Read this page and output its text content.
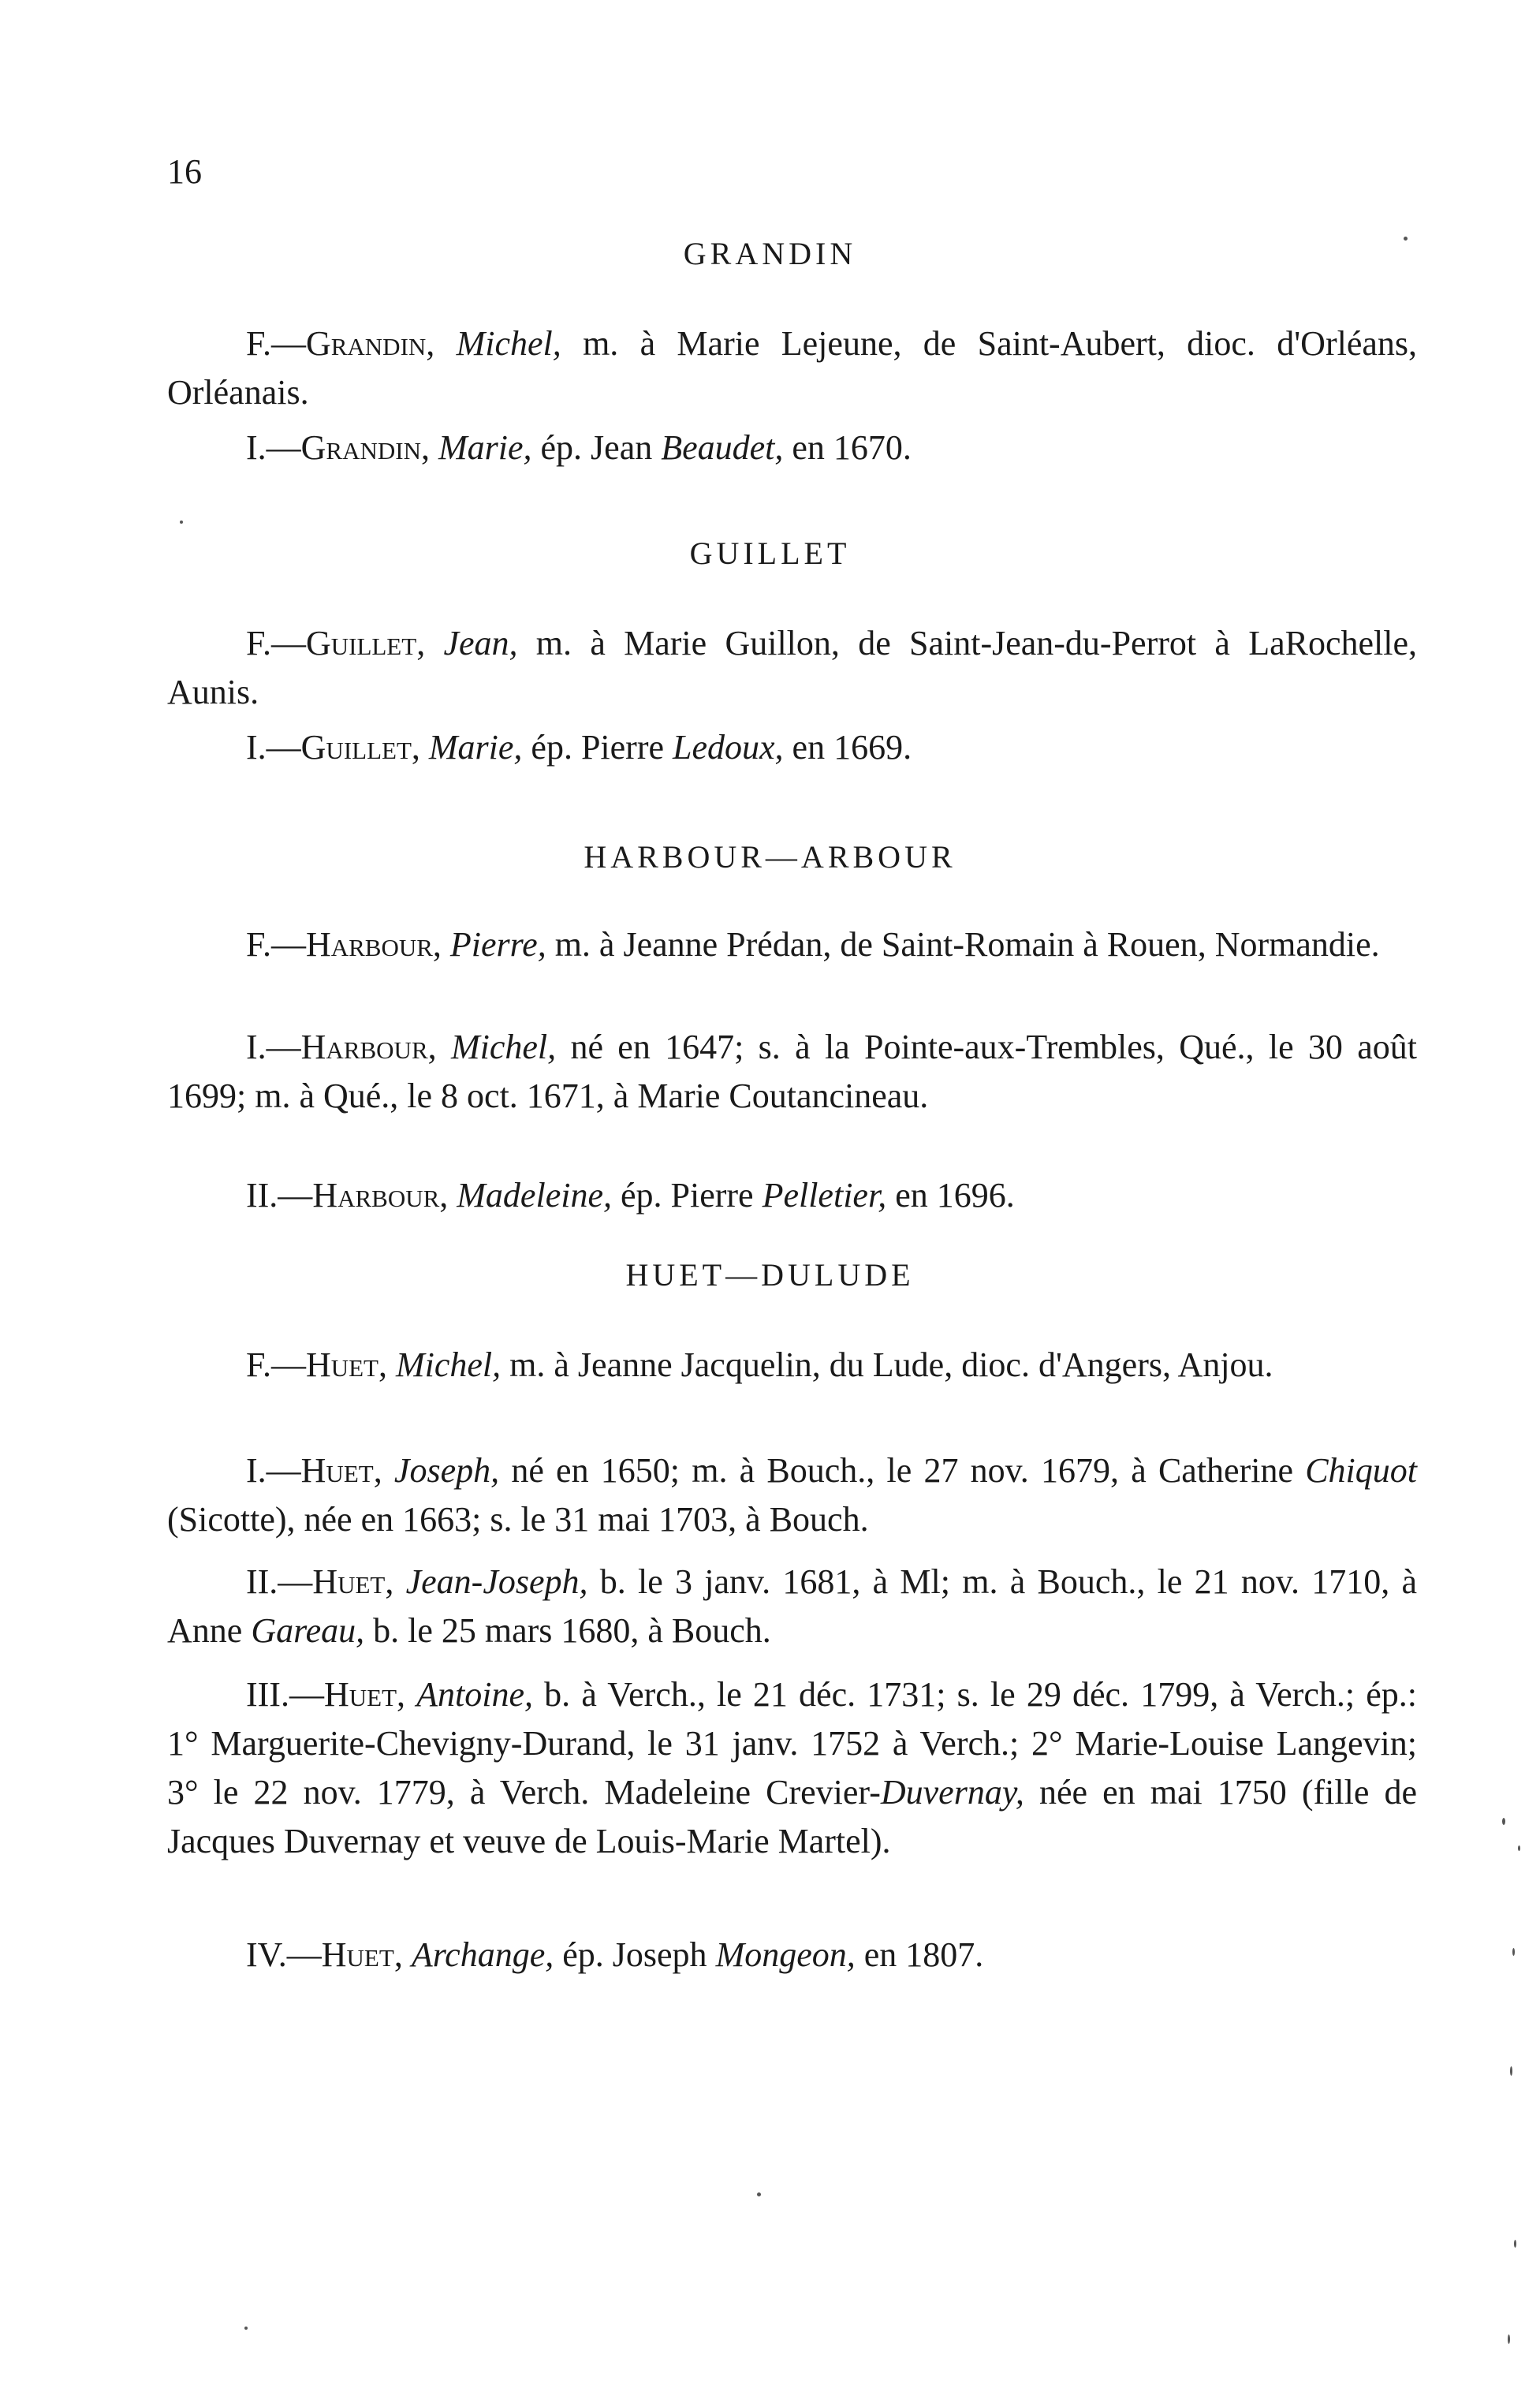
16
GRANDIN
F.—Grandin, Michel, m. à Marie Lejeune, de Saint-Aubert, dioc. d'Orléans, Orléanais.
I.—Grandin, Marie, ép. Jean Beaudet, en 1670.
GUILLET
F.—Guillet, Jean, m. à Marie Guillon, de Saint-Jean-du-Perrot à LaRochelle, Aunis.
I.—Guillet, Marie, ép. Pierre Ledoux, en 1669.
HARBOUR—ARBOUR
F.—Harbour, Pierre, m. à Jeanne Prédan, de Saint-Romain à Rouen, Normandie.
I.—Harbour, Michel, né en 1647; s. à la Pointe-aux-Trembles, Qué., le 30 août 1699; m. à Qué., le 8 oct. 1671, à Marie Coutancineau.
II.—Harbour, Madeleine, ép. Pierre Pelletier, en 1696.
HUET—DULUDE
F.—Huet, Michel, m. à Jeanne Jacquelin, du Lude, dioc. d'Angers, Anjou.
I.—Huet, Joseph, né en 1650; m. à Bouch., le 27 nov. 1679, à Catherine Chiquot (Sicotte), née en 1663; s. le 31 mai 1703, à Bouch.
II.—Huet, Jean-Joseph, b. le 3 janv. 1681, à Ml; m. à Bouch., le 21 nov. 1710, à Anne Gareau, b. le 25 mars 1680, à Bouch.
III.—Huet, Antoine, b. à Verch., le 21 déc. 1731; s. le 29 déc. 1799, à Verch.; ép.: 1° Marguerite-Chevigny-Durand, le 31 janv. 1752 à Verch.; 2° Marie-Louise Langevin; 3° le 22 nov. 1779, à Verch. Madeleine Crevier-Duvernay, née en mai 1750 (fille de Jacques Duvernay et veuve de Louis-Marie Martel).
IV.—Huet, Archange, ép. Joseph Mongeon, en 1807.
